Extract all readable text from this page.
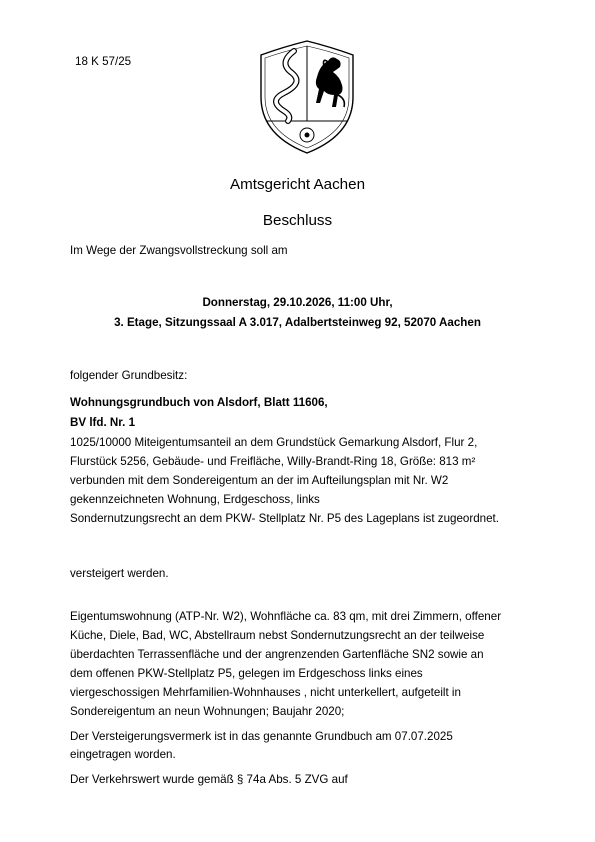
18 K 57/25
Amtsgericht Aachen
Beschluss
Im Wege der Zwangsvollstreckung soll am
Donnerstag, 29.10.2026, 11:00 Uhr,
3. Etage, Sitzungssaal A 3.017, Adalbertsteinweg 92, 52070 Aachen
folgender Grundbesitz:
Wohnungsgrundbuch von Alsdorf, Blatt 11606,
BV lfd. Nr. 1
1025/10000 Miteigentumsanteil an dem Grundstück Gemarkung Alsdorf, Flur 2,
Flurstück 5256, Gebäude- und Freifläche, Willy-Brandt-Ring 18, Größe: 813 m²
verbunden mit dem Sondereigentum an der im Aufteilungsplan mit Nr. W2
gekennzeichneten Wohnung, Erdgeschoss, links
Sondernutzungsrecht an dem PKW- Stellplatz Nr. P5 des Lageplans ist zugeordnet.
versteigert werden.
Eigentumswohnung (ATP-Nr. W2), Wohnfläche ca. 83 qm, mit drei Zimmern, offener
Küche, Diele, Bad, WC, Abstellraum nebst Sondernutzungsrecht an der teilweise
überdachten Terrassenfläche und der angrenzenden Gartenfläche SN2 sowie an
dem offenen PKW-Stellplatz P5, gelegen im Erdgeschoss links eines
viergeschossigen Mehrfamilien-Wohnhauses , nicht unterkellert, aufgeteilt in
Sondereigentum an neun Wohnungen; Baujahr 2020;
Der Versteigerungsvermerk ist in das genannte Grundbuch am 07.07.2025
eingetragen worden.
Der Verkehrswert wurde gemäß § 74a Abs. 5 ZVG auf
